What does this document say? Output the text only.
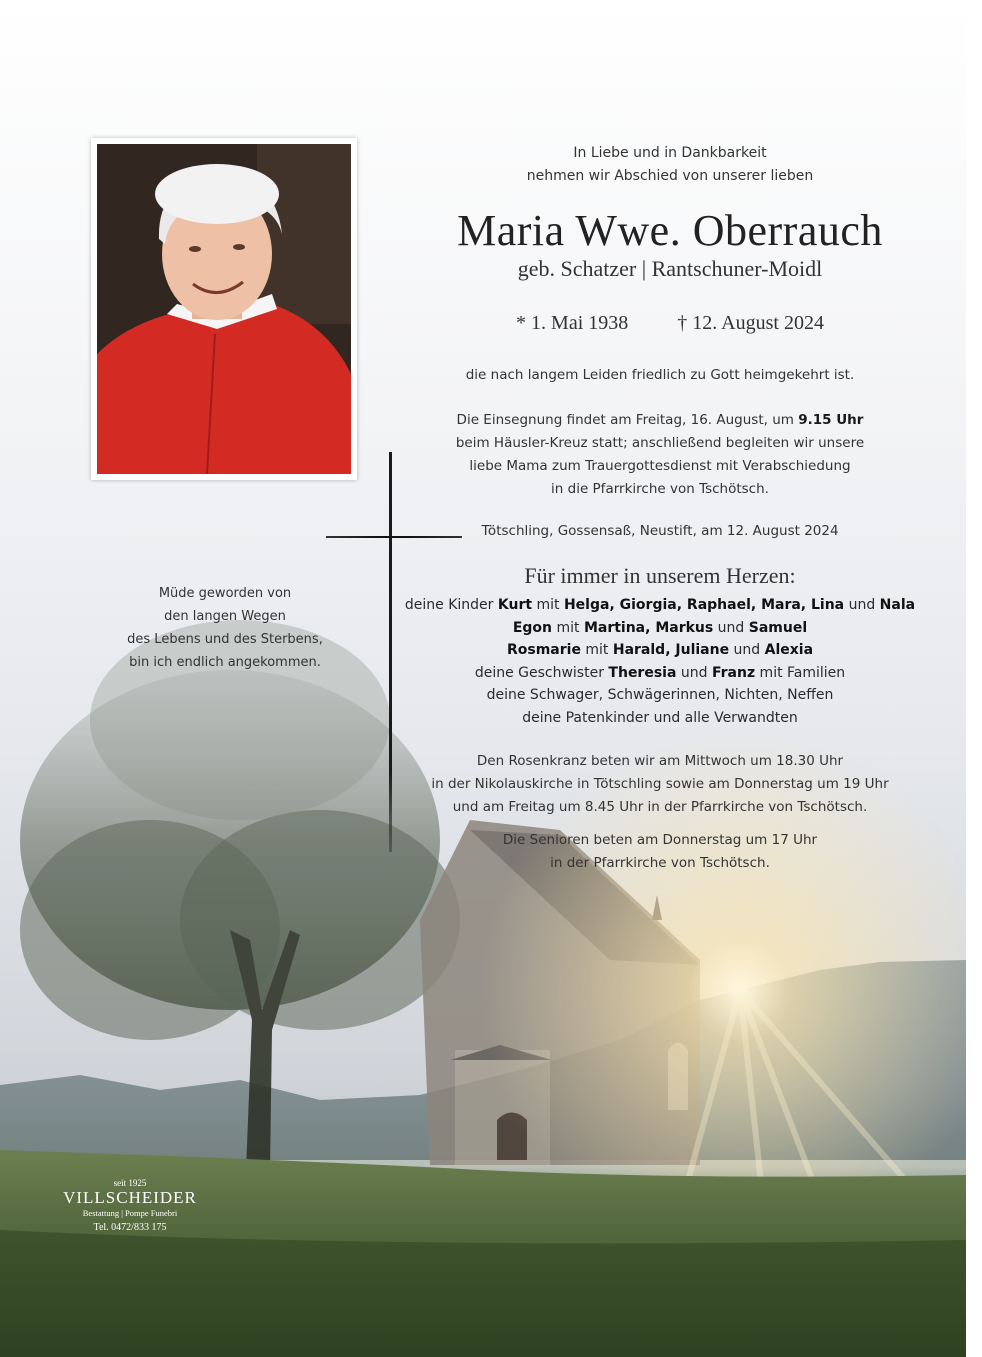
In Liebe und in Dankbarkeit
nehmen wir Abschied von unserer lieben
Maria Wwe. Oberrauch
geb. Schatzer | Rantschuner-Moidl
* 1. Mai 1938 † 12. August 2024
die nach langem Leiden friedlich zu Gott heimgekehrt ist.
Die Einsegnung findet am Freitag, 16. August, um 9.15 Uhr
beim Häusler-Kreuz statt; anschließend begleiten wir unsere
liebe Mama zum Trauergottesdienst mit Verabschiedung
in die Pfarrkirche von Tschötsch.
Tötschling, Gossensaß, Neustift, am 12. August 2024
Für immer in unserem Herzen:
deine Kinder Kurt mit Helga, Giorgia, Raphael, Mara, Lina und Nala
Egon mit Martina, Markus und Samuel
Rosmarie mit Harald, Juliane und Alexia
deine Geschwister Theresia und Franz mit Familien
deine Schwager, Schwägerinnen, Nichten, Neffen
deine Patenkinder und alle Verwandten
Den Rosenkranz beten wir am Mittwoch um 18.30 Uhr
in der Nikolauskirche in Tötschling sowie am Donnerstag um 19 Uhr
und am Freitag um 8.45 Uhr in der Pfarrkirche von Tschötsch.
Die Senioren beten am Donnerstag um 17 Uhr
in der Pfarrkirche von Tschötsch.
Müde geworden von
den langen Wegen
des Lebens und des Sterbens,
bin ich endlich angekommen.
seit 1925
VILLSCHEIDER
Bestattung | Pompe Funebri
Tel. 0472/833 175
